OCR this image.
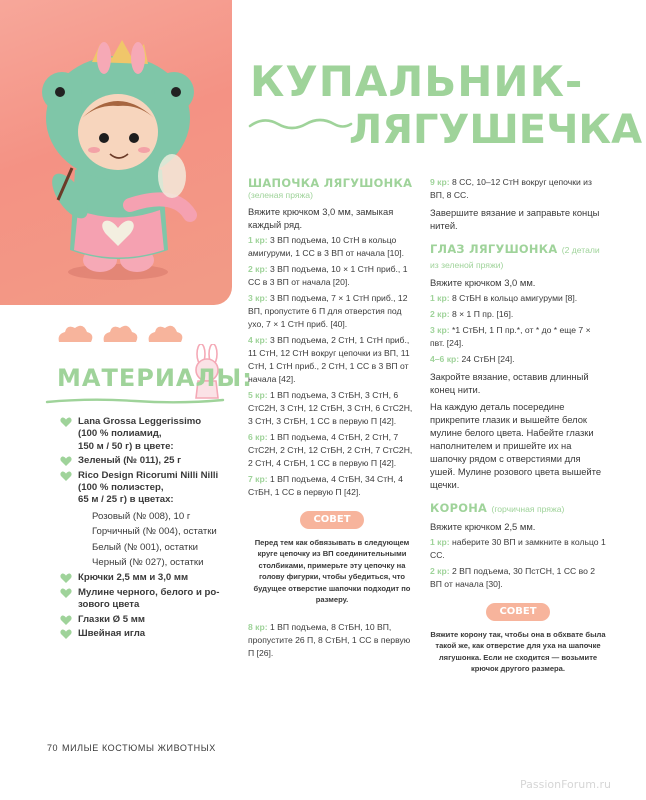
КУПАЛЬНИК-
ЛЯГУШЕЧКА
МАТЕРИАЛЫ:
Lana Grossa Leggerissimo
(100 % полиамид,
150 м / 50 г) в цвете:
Зеленый (№ 011), 25 г
Rico Design Ricorumi Nilli Nilli
(100 % полиэстер,
65 м / 25 г) в цветах:
Розовый (№ 008), 10 г
Горчичный (№ 004), остатки
Белый (№ 001), остатки
Черный (№ 027), остатки
Крючки 2,5 мм и 3,0 мм
Мулине черного, белого и ро-
зового цвета
Глазки Ø 5 мм
Швейная игла
ШАПОЧКА ЛЯГУШОНКА
(зеленая пряжа)
Вяжите крючком 3,0 мм, замыкая каждый ряд.
1 кр: 3 ВП подъема, 10 СтН в кольцо амигуруми, 1 СС в 3 ВП от начала [10].
2 кр: 3 ВП подъема, 10 × 1 СтН приб., 1 СС в 3 ВП от начала [20].
3 кр: 3 ВП подъема, 7 × 1 СтН приб., 12 ВП, пропустите 6 П для отверстия под ухо, 7 × 1 СтН приб. [40].
4 кр: 3 ВП подъема, 2 СтН, 1 СтН приб., 11 СтН, 12 СтН вокруг цепочки из ВП, 11 СтН, 1 СтН приб., 2 СтН, 1 СС в 3 ВП от начала [42].
5 кр: 1 ВП подъема, 3 СтБН, 3 СтН, 6 СтС2Н, 3 СтН, 12 СтБН, 3 СтН, 6 СтС2Н, 3 СтН, 3 СтБН, 1 СС в первую П [42].
6 кр: 1 ВП подъема, 4 СтБН, 2 СтН, 7 СтС2Н, 2 СтН, 12 СтБН, 2 СтН, 7 СтС2Н, 2 СтН, 4 СтБН, 1 СС в первую П [42].
7 кр: 1 ВП подъема, 4 СтБН, 34 СтН, 4 СтБН, 1 СС в первую П [42].
СОВЕТ
Перед тем как обвязывать в следующем круге цепочку из ВП соединительными столбиками, примерьте эту цепочку на голову фигурки, чтобы убедиться, что будущее отверстие шапочки подходит по размеру.
8 кр: 1 ВП подъема, 8 СтБН, 10 ВП, пропустите 26 П, 8 СтБН, 1 СС в первую П [26].
9 кр: 8 СС, 10–12 СтН вокруг цепочки из ВП, 8 СС.
Завершите вязание и заправьте концы нитей.
ГЛАЗ ЛЯГУШОНКА (2 детали из зеленой пряжи)
Вяжите крючком 3,0 мм.
1 кр: 8 СтБН в кольцо амигуруми [8].
2 кр: 8 × 1 П пр. [16].
3 кр: *1 СтБН, 1 П пр.*, от * до * еще 7 × пвт. [24].
4–6 кр: 24 СтБН [24].
Закройте вязание, оставив длинный конец нити.
На каждую деталь посередине прикрепите глазик и вышейте белок мулине белого цвета. Набейте глазки наполнителем и пришейте их на шапочку рядом с отверстиями для ушей. Мулине розового цвета вышейте щечки.
КОРОНА (горчичная пряжа)
Вяжите крючком 2,5 мм.
1 кр: наберите 30 ВП и замкните в кольцо 1 СС.
2 кр: 2 ВП подъема, 30 ПстСН, 1 СС во 2 ВП от начала [30].
СОВЕТ
Вяжите корону так, чтобы она в обхвате была такой же, как отверстие для уха на шапочке лягушонка. Если не сходится — возьмите крючок другого размера.
70 МИЛЫЕ КОСТЮМЫ ЖИВОТНЫХ
PassionForum.ru
